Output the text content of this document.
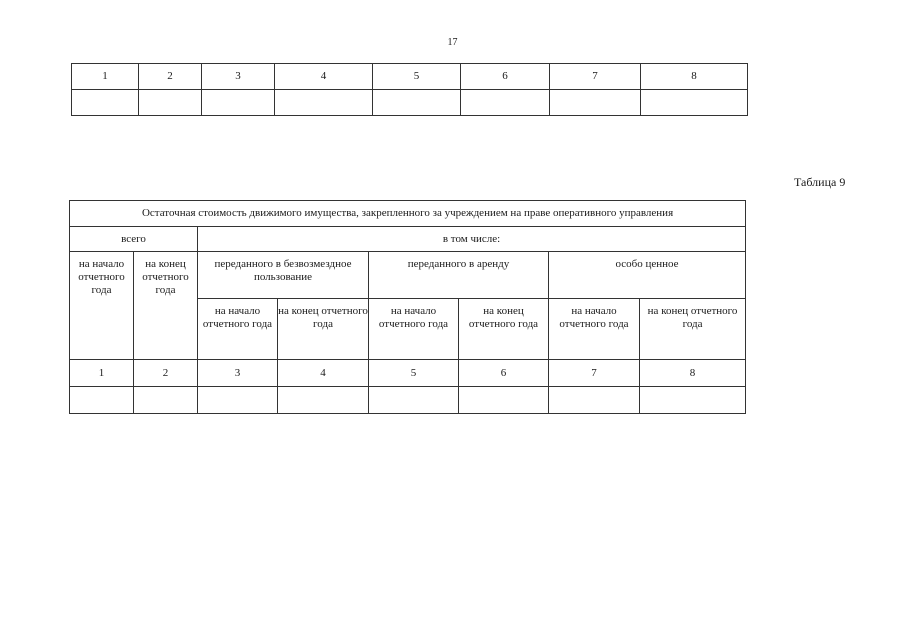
17
1	2	3	4	5	6	7	8

Таблица 9
Остаточная стоимость движимого имущества, закрепленного за учреждением на праве оперативного управления							
всего		в том числе:					
на начало отчетного года	на конец отчетного года	переданного в безвозмездное пользование		переданного в аренду		особо ценное	
		на начало отчетного года	на конец отчетного года	на начало отчетного года	на конец отчетного года	на начало отчетного года	на конец отчетного года
1	2	3	4	5	6	7	8
